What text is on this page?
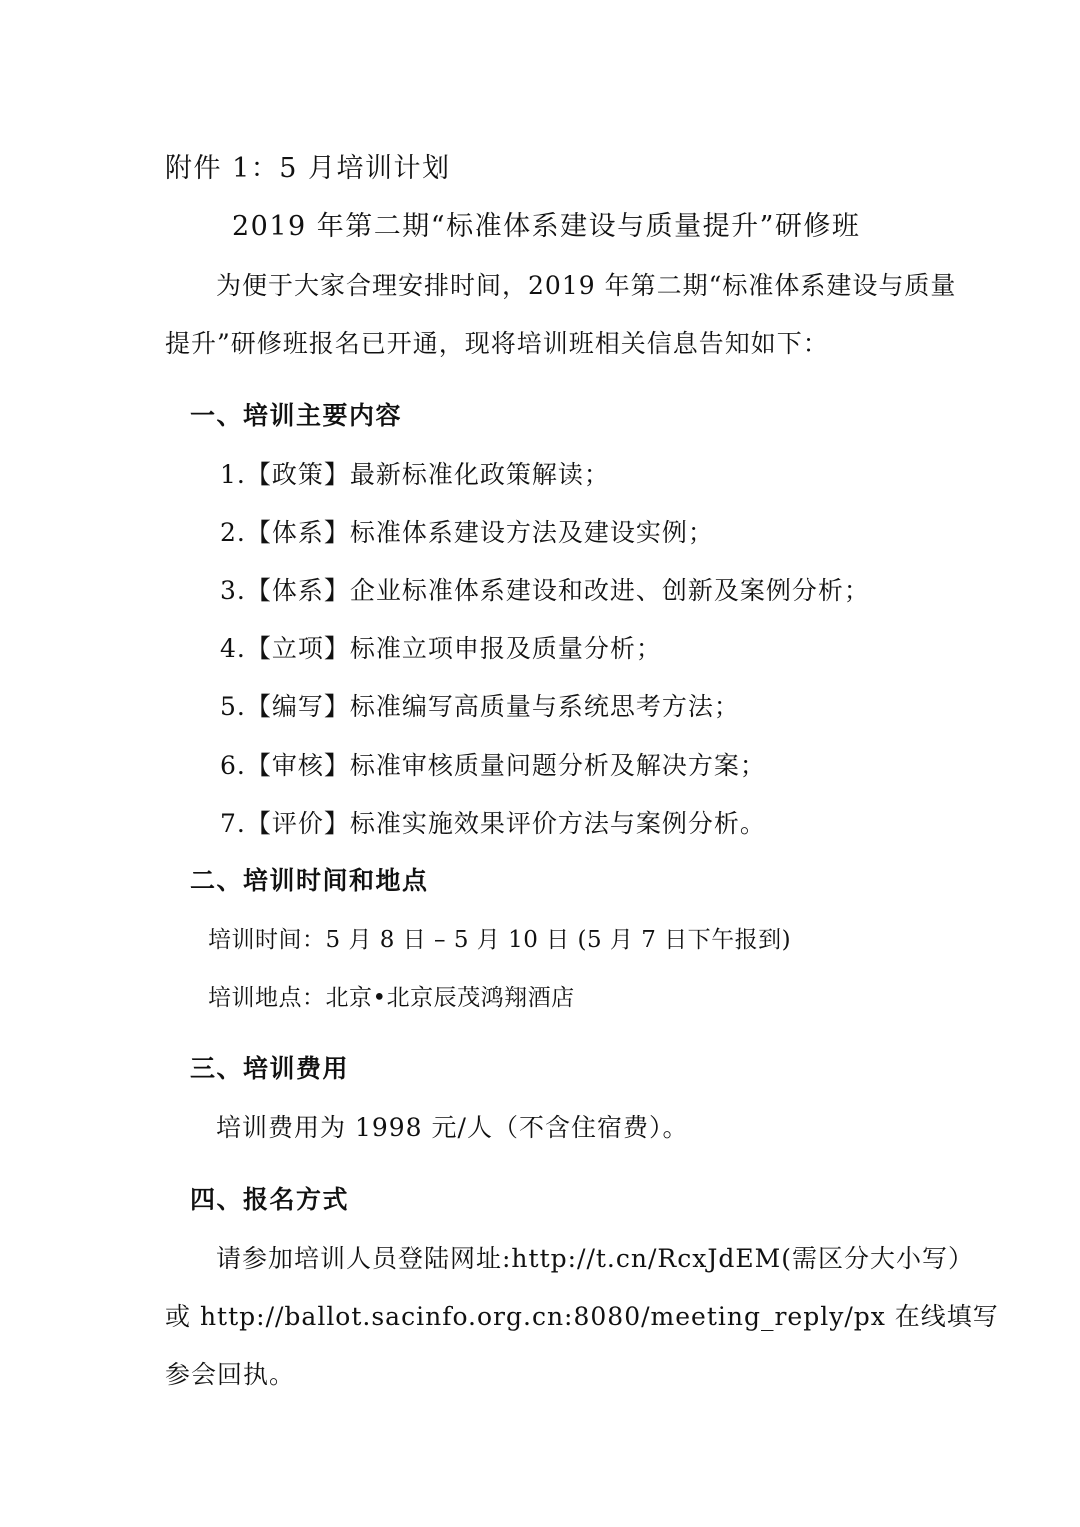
附件 1：5 月培训计划
2019 年第二期“标准体系建设与质量提升”研修班
为便于大家合理安排时间，2019 年第二期“标准体系建设与质量
提升”研修班报名已开通，现将培训班相关信息告知如下：
一、培训主要内容
1.【政策】最新标准化政策解读；
2.【体系】标准体系建设方法及建设实例；
3.【体系】企业标准体系建设和改进、创新及案例分析；
4.【立项】标准立项申报及质量分析；
5.【编写】标准编写高质量与系统思考方法；
6.【审核】标准审核质量问题分析及解决方案；
7.【评价】标准实施效果评价方法与案例分析。
二、培训时间和地点
培训时间：5 月 8 日 – 5 月 10 日 (5 月 7 日下午报到)
培训地点：北京•北京辰茂鸿翔酒店
三、培训费用
培训费用为 1998 元/人（不含住宿费）。
四、报名方式
请参加培训人员登陆网址:http://t.cn/RcxJdEM(需区分大小写）
或 http://ballot.sacinfo.org.cn:8080/meeting_reply/px 在线填写
参会回执。
